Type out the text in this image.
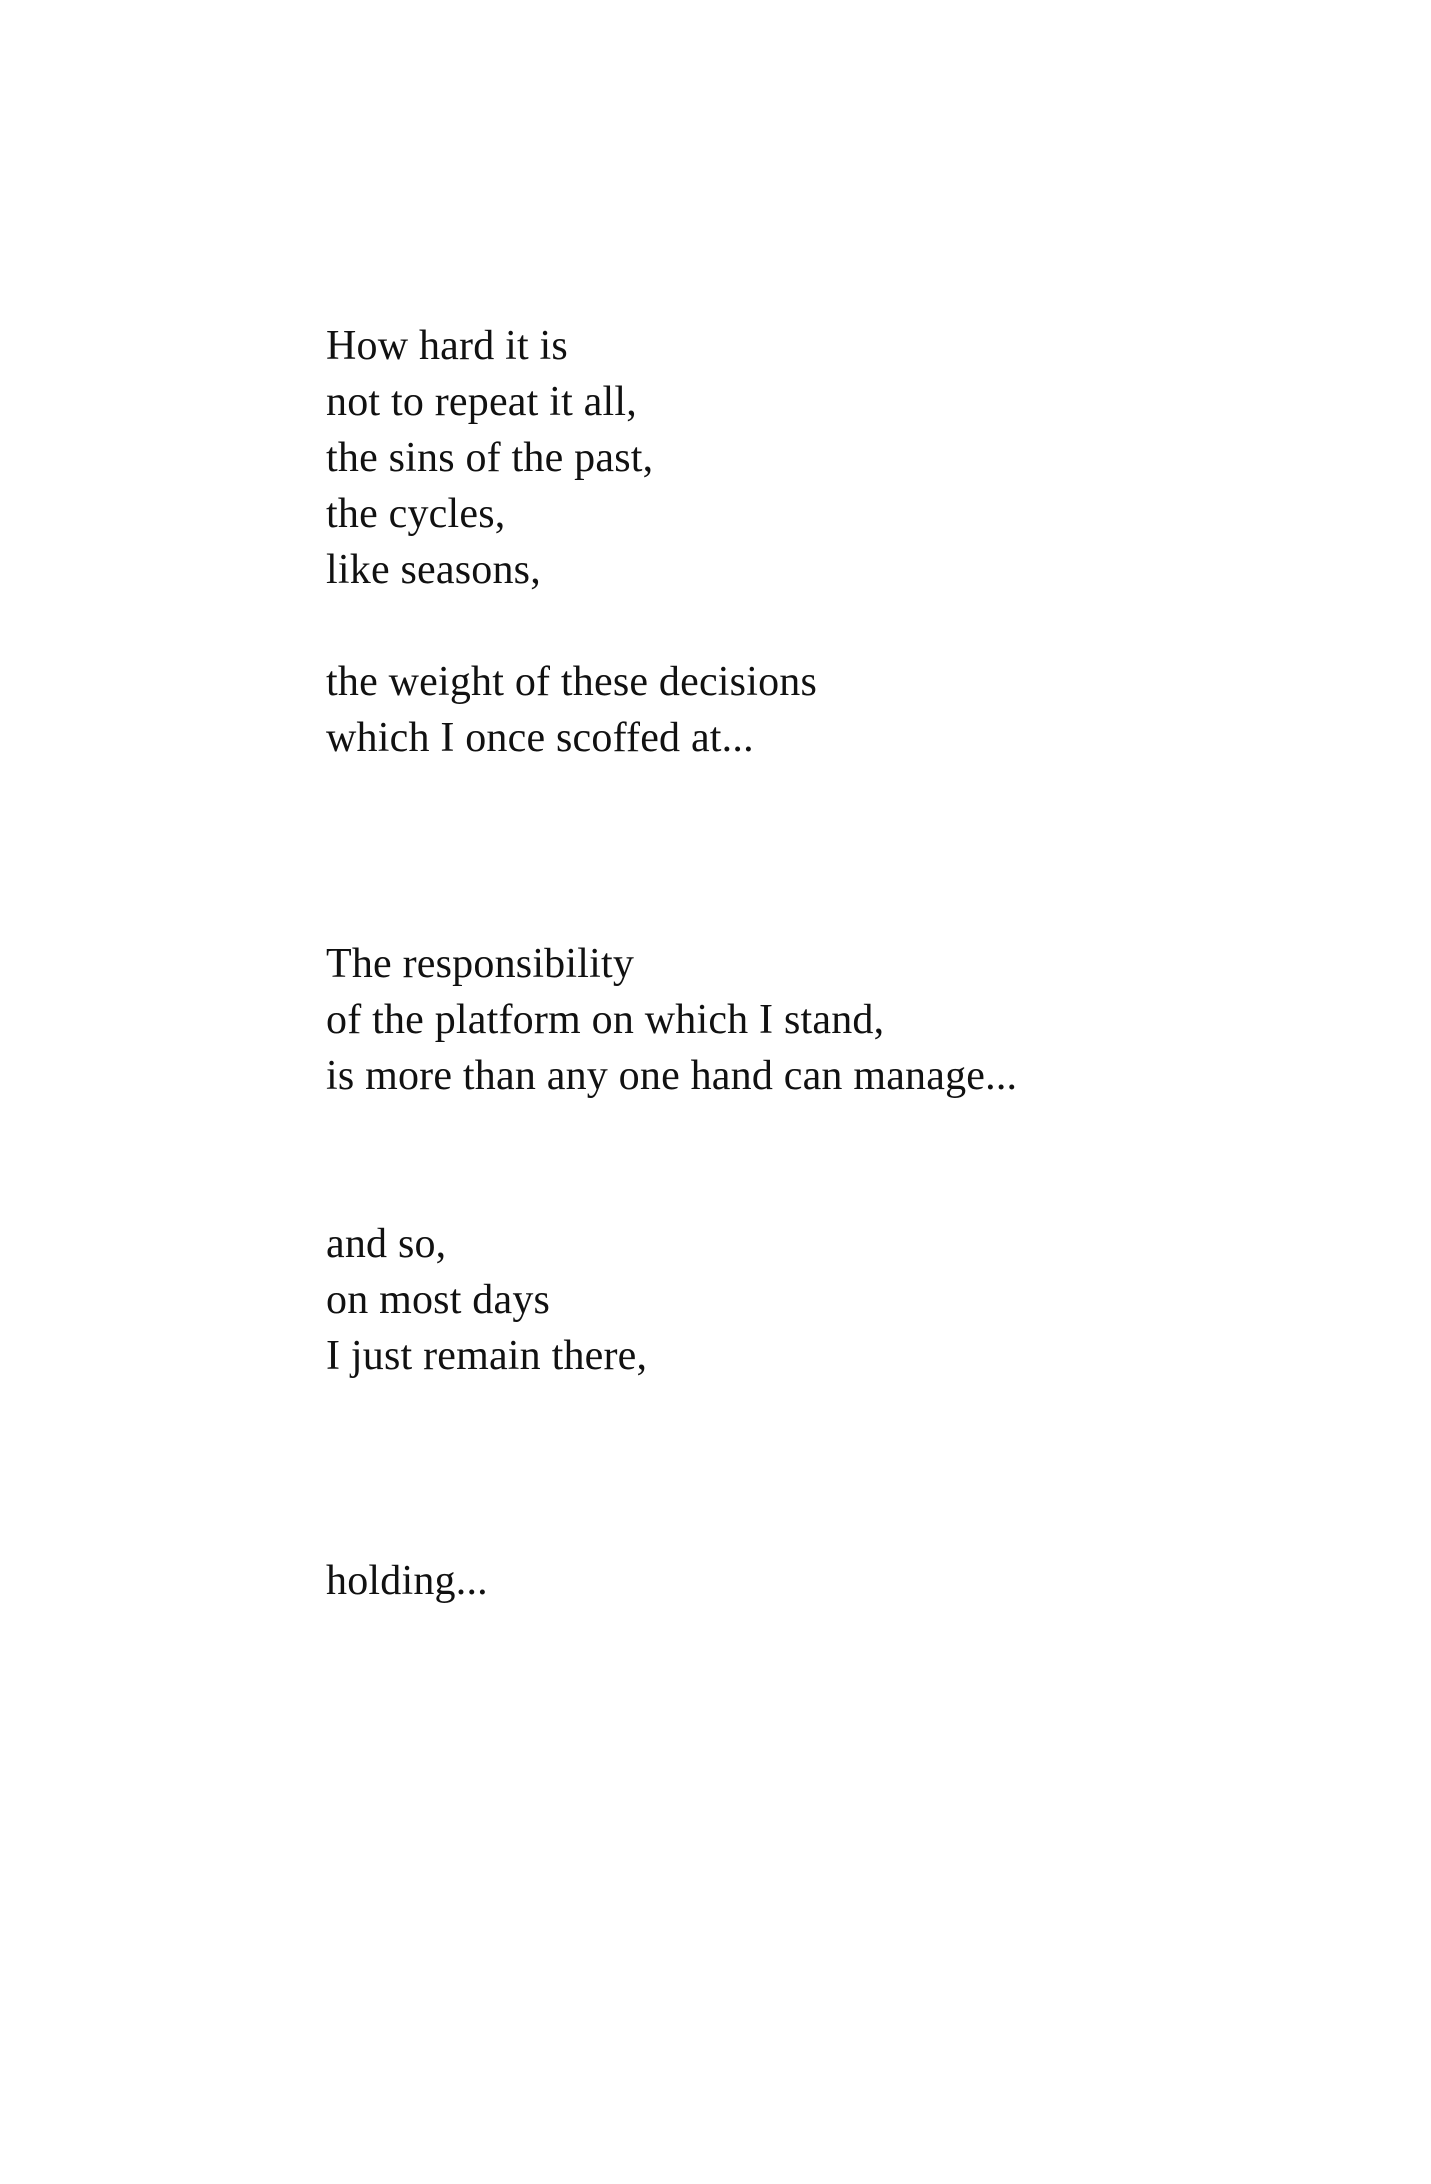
How hard it is
not to repeat it all,
the sins of the past,
the cycles,
like seasons,
the weight of these decisions
which I once scoffed at...
The responsibility
of the platform on which I stand,
is more than any one hand can manage...
and so,
on most days
I just remain there,
holding...
